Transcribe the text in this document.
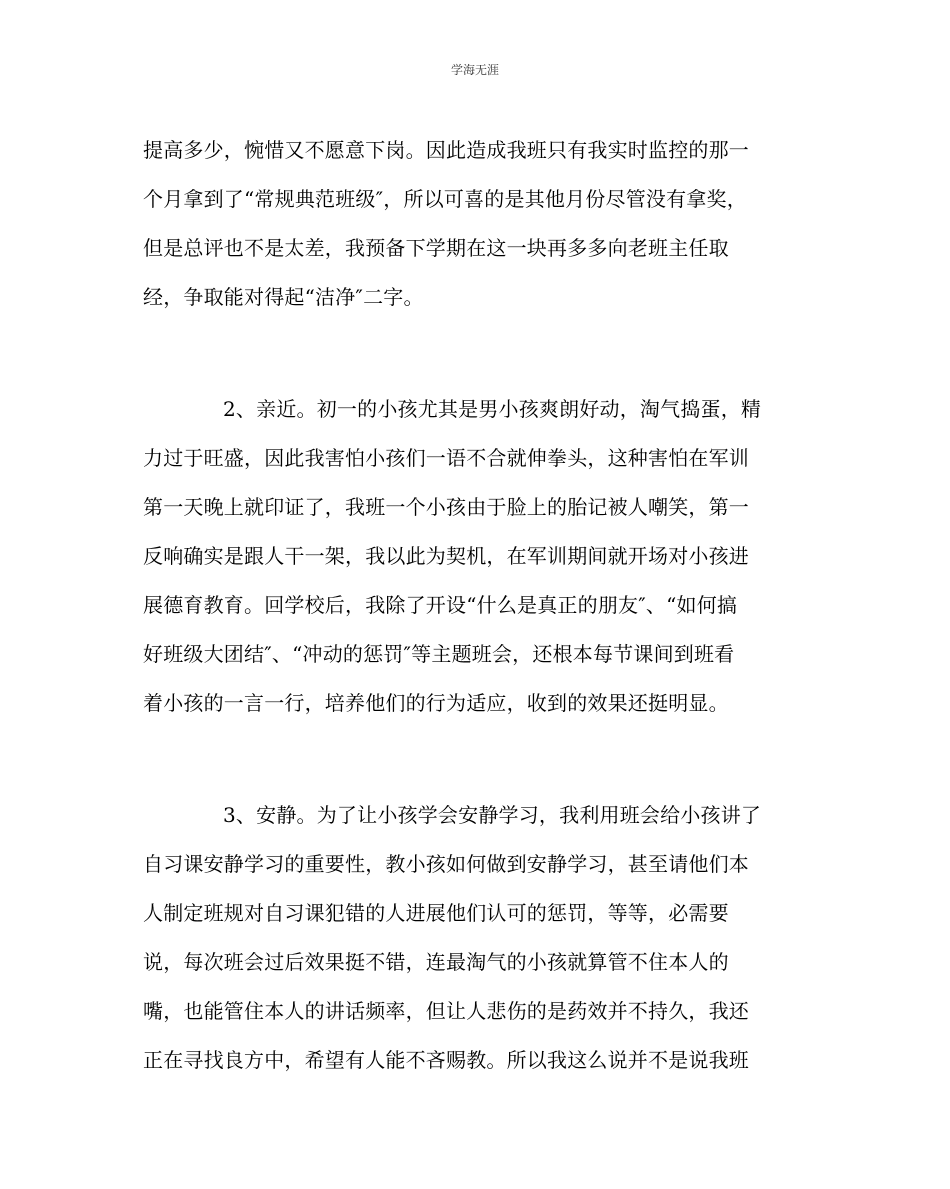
学海无涯
提高多少，惋惜又不愿意下岗。因此造成我班只有我实时监控的那一
个月拿到了“常规典范班级″，所以可喜的是其他月份尽管没有拿奖，
但是总评也不是太差，我预备下学期在这一块再多多向老班主任取
经，争取能对得起“洁净″二字。
2、亲近。初一的小孩尤其是男小孩爽朗好动，淘气捣蛋，精
力过于旺盛，因此我害怕小孩们一语不合就伸拳头，这种害怕在军训
第一天晚上就印证了，我班一个小孩由于脸上的胎记被人嘲笑，第一
反响确实是跟人干一架，我以此为契机，在军训期间就开场对小孩进
展德育教育。回学校后，我除了开设“什么是真正的朋友″、“如何搞
好班级大团结″、“冲动的惩罚″等主题班会，还根本每节课间到班看
着小孩的一言一行，培养他们的行为适应，收到的效果还挺明显。
3、安静。为了让小孩学会安静学习，我利用班会给小孩讲了
自习课安静学习的重要性，教小孩如何做到安静学习，甚至请他们本
人制定班规对自习课犯错的人进展他们认可的惩罚，等等，必需要
说，每次班会过后效果挺不错，连最淘气的小孩就算管不住本人的
嘴，也能管住本人的讲话频率，但让人悲伤的是药效并不持久，我还
正在寻找良方中，希望有人能不吝赐教。所以我这么说并不是说我班
